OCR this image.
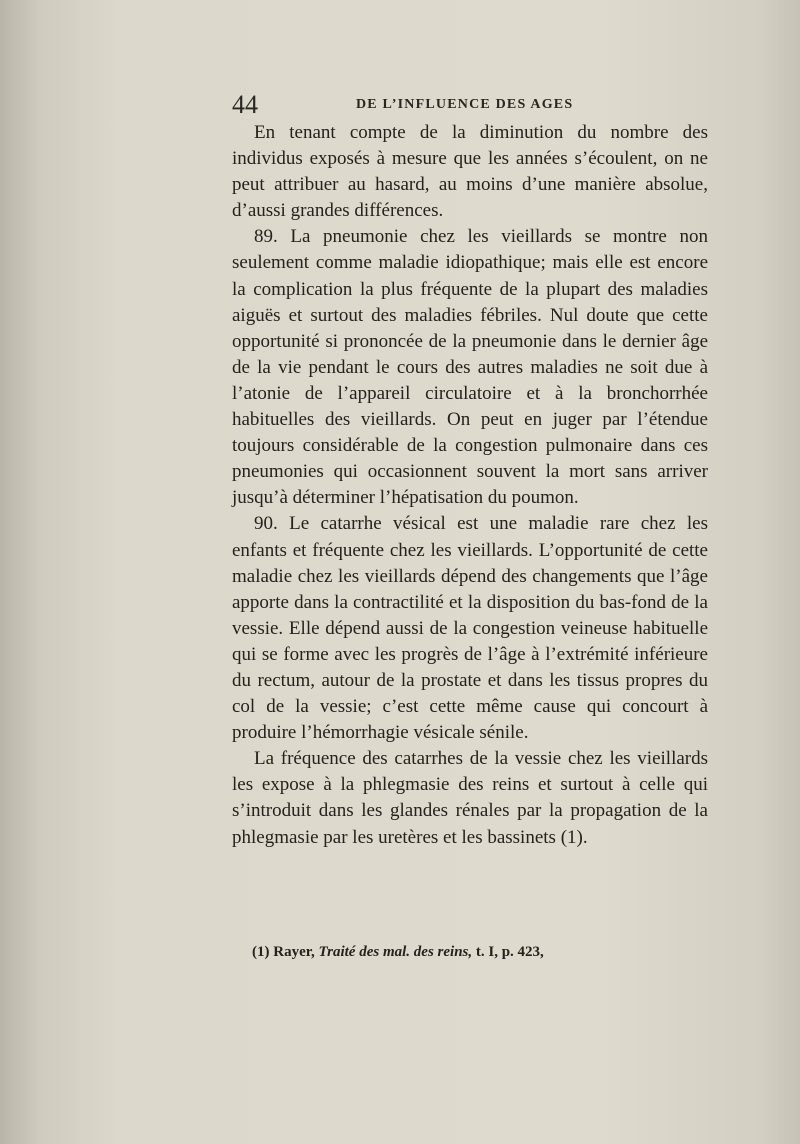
44	DE L’INFLUENCE DES AGES

En tenant compte de la diminution du nombre des individus exposés à mesure que les années s’écoulent, on ne peut attribuer au hasard, au moins d’une manière absolue, d’aussi grandes différences.

89. La pneumonie chez les vieillards se montre non seulement comme maladie idiopathique; mais elle est encore la complication la plus fréquente de la plupart des maladies aiguës et surtout des maladies fébriles. Nul doute que cette opportunité si prononcée de la pneumonie dans le dernier âge de la vie pendant le cours des autres maladies ne soit due à l’atonie de l’appareil circulatoire et à la bronchorrhée habituelles des vieillards. On peut en juger par l’étendue toujours considérable de la congestion pulmonaire dans ces pneumonies qui occasionnent souvent la mort sans arriver jusqu’à déterminer l’hépatisation du poumon.

90. Le catarrhe vésical est une maladie rare chez les enfants et fréquente chez les vieillards. L’opportunité de cette maladie chez les vieillards dépend des changements que l’âge apporte dans la contractilité et la disposition du bas-fond de la vessie. Elle dépend aussi de la congestion veineuse habituelle qui se forme avec les progrès de l’âge à l’extrémité inférieure du rectum, autour de la prostate et dans les tissus propres du col de la vessie; c’est cette même cause qui concourt à produire l’hémorrhagie vésicale sénile.

La fréquence des catarrhes de la vessie chez les vieillards les expose à la phlegmasie des reins et surtout à celle qui s’introduit dans les glandes rénales par la propagation de la phlegmasie par les uretères et les bassinets (1).

(1) Rayer, Traité des mal. des reins, t. I, p. 423,
